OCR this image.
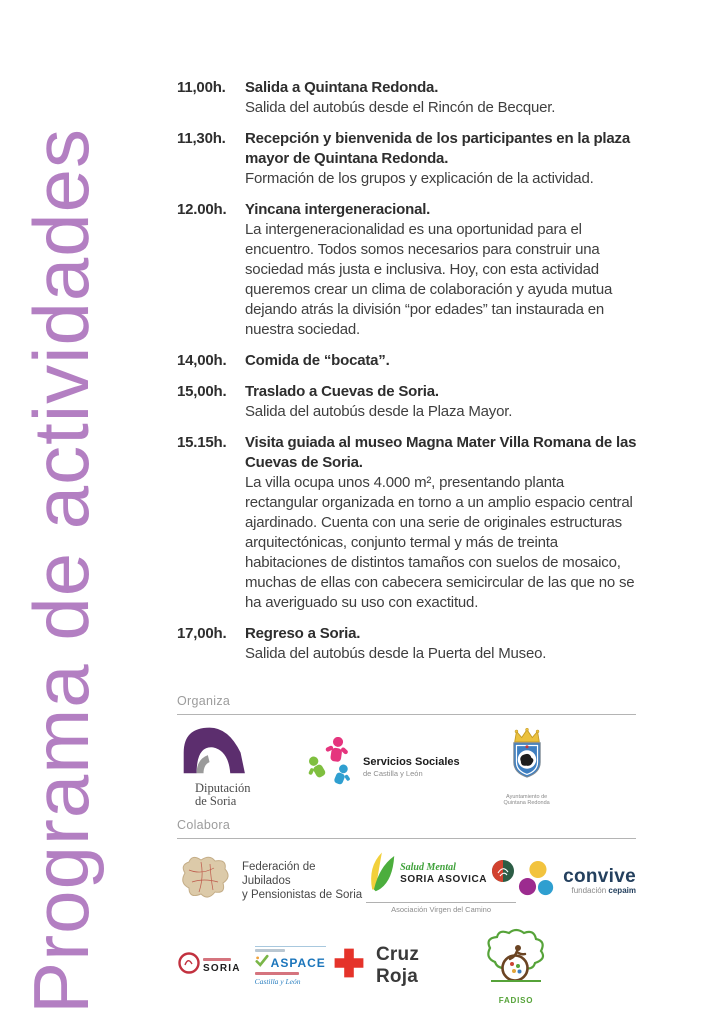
Programa de actividades
11,00h.	Salida a Quintana Redonda.
Salida del autobús desde el Rincón de Becquer.
11,30h.	Recepción y bienvenida de los participantes en la plaza mayor de Quintana Redonda.
Formación de los grupos y explicación de la actividad.
12.00h.	Yincana intergeneracional.
La intergeneracionalidad es una oportunidad para el encuentro. Todos somos necesarios para construir una sociedad más justa e inclusiva. Hoy, con esta actividad queremos crear un clima de colaboración y ayuda mutua dejando atrás la división “por edades” tan instaurada en nuestra sociedad.
14,00h.	Comida de “bocata”.
15,00h.	Traslado a Cuevas de Soria.
Salida del autobús desde la Plaza Mayor.
15.15h.	Visita guiada al museo Magna Mater Villa Romana de las Cuevas de Soria.
La villa ocupa unos 4.000 m², presentando planta rectangular organizada en torno a un amplio espacio central ajardinado. Cuenta con una serie de originales estructuras arquitectónicas, conjunto termal y más de treinta habitaciones de distintos tamaños con suelos de mosaico, muchas de ellas con cabecera semicircular de las que no se ha averiguado su uso con exactitud.
17,00h.	Regreso a Soria.
Salida del autobús desde la Puerta del Museo.
Organiza
Diputación
de Soria
Servicios Sociales
de Castilla y León
Ayuntamiento de
Quintana Redonda
Colabora
Federación de Jubilados
y Pensionistas de Soria
Salud Mental
SORIA ASOVICA
Asociación Virgen del Camino
convive
fundación cepaim
SORIA	ASPACE
Castilla y León
Cruz Roja
FADISO
